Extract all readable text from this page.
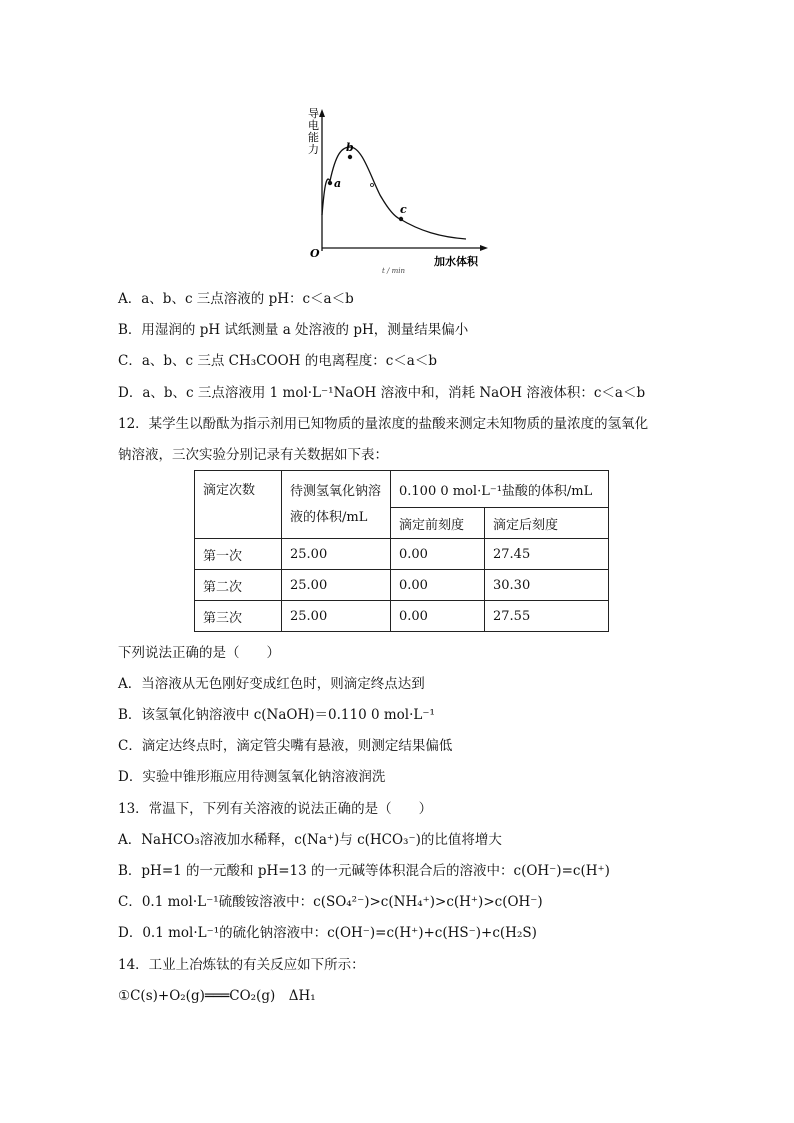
导
电
能
力
a
b
c
O
加水体积
t / min
A．a、b、c 三点溶液的 pH：c＜a＜b
B．用湿润的 pH 试纸测量 a 处溶液的 pH，测量结果偏小
C．a、b、c 三点 CH₃COOH 的电离程度：c＜a＜b
D．a、b、c 三点溶液用 1 mol·L⁻¹NaOH 溶液中和，消耗 NaOH 溶液体积：c＜a＜b
12．某学生以酚酞为指示剂用已知物质的量浓度的盐酸来测定未知物质的量浓度的氢氧化
钠溶液，三次实验分别记录有关数据如下表：
滴定次数	待测氢氧化钠溶
液的体积/mL	0.100 0 mol·L⁻¹盐酸的体积/mL	
		滴定前刻度	滴定后刻度
第一次	25.00	0.00	27.45
第二次	25.00	0.00	30.30
第三次	25.00	0.00	27.55
下列说法正确的是（　　）
A．当溶液从无色刚好变成红色时，则滴定终点达到
B．该氢氧化钠溶液中 c(NaOH)＝0.110 0 mol·L⁻¹
C．滴定达终点时，滴定管尖嘴有悬液，则测定结果偏低
D．实验中锥形瓶应用待测氢氧化钠溶液润洗
13．常温下，下列有关溶液的说法正确的是（　　）
A．NaHCO₃溶液加水稀释，c(Na⁺)与 c(HCO₃⁻)的比值将增大
B．pH=1 的一元酸和 pH=13 的一元碱等体积混合后的溶液中：c(OH⁻)=c(H⁺)
C．0.1 mol·L⁻¹硫酸铵溶液中：c(SO₄²⁻)>c(NH₄⁺)>c(H⁺)>c(OH⁻)
D．0.1 mol·L⁻¹的硫化钠溶液中：c(OH⁻)=c(H⁺)+c(HS⁻)+c(H₂S)
14．工业上冶炼钛的有关反应如下所示：
①C(s)+O₂(g)═══CO₂(g)　ΔH₁
